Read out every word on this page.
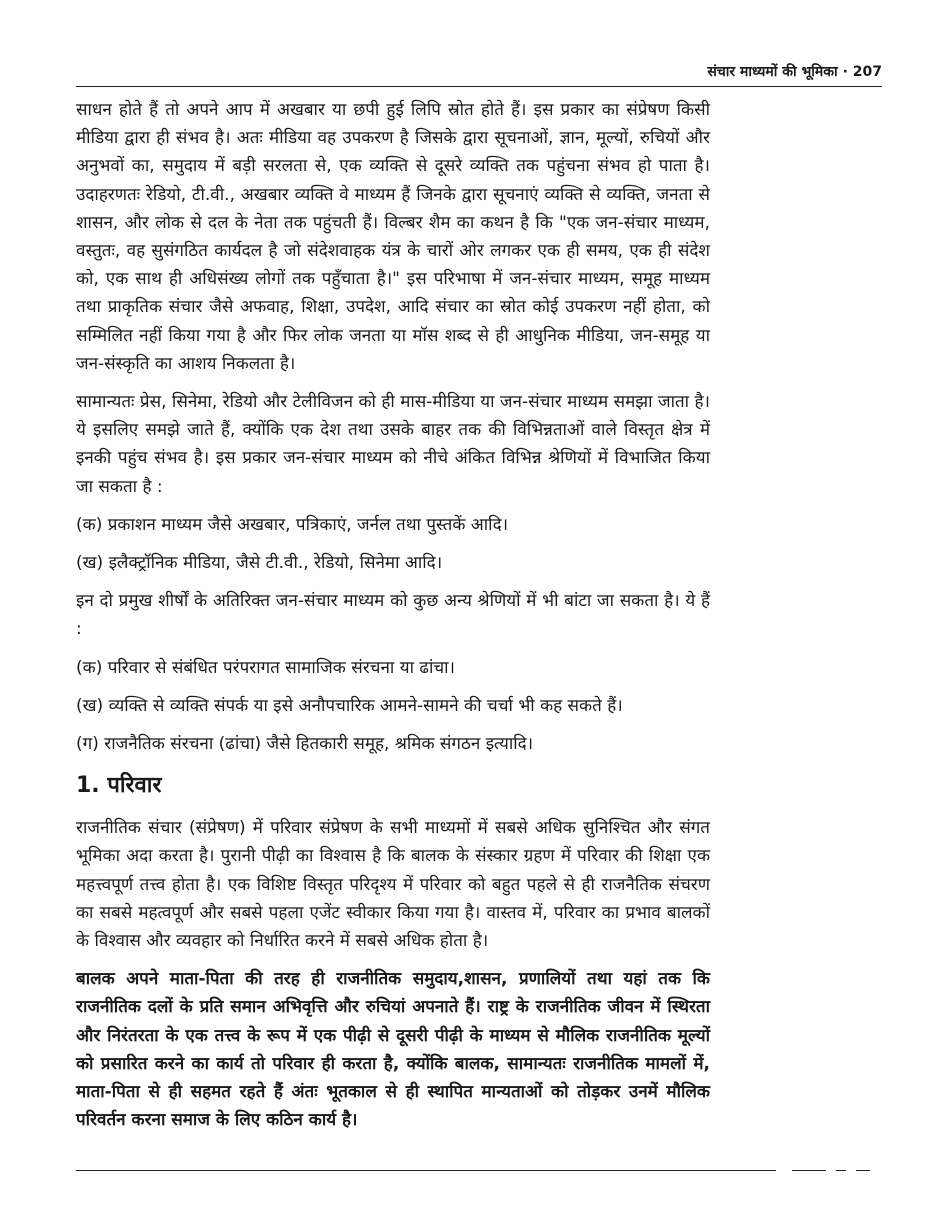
संचार माध्यमों की भूमिका · 207

साधन होते हैं तो अपने आप में अखबार या छपी हुई लिपि स्रोत होते हैं। इस प्रकार का संप्रेषण किसी मीडिया द्वारा ही संभव है। अतः मीडिया वह उपकरण है जिसके द्वारा सूचनाओं, ज्ञान, मूल्यों, रुचियों और अनुभवों का, समुदाय में बड़ी सरलता से, एक व्यक्ति से दूसरे व्यक्ति तक पहुंचना संभव हो पाता है। उदाहरणतः रेडियो, टी.वी., अखबार व्यक्ति वे माध्यम हैं जिनके द्वारा सूचनाएं व्यक्ति से व्यक्ति, जनता से शासन, और लोक से दल के नेता तक पहुंचती हैं। विल्बर शैम का कथन है कि "एक जन-संचार माध्यम, वस्तुतः, वह सुसंगठित कार्यदल है जो संदेशवाहक यंत्र के चारों ओर लगकर एक ही समय, एक ही संदेश को, एक साथ ही अधिसंख्य लोगों तक पहुँचाता है।" इस परिभाषा में जन-संचार माध्यम, समूह माध्यम तथा प्राकृतिक संचार जैसे अफवाह, शिक्षा, उपदेश, आदि संचार का स्रोत कोई उपकरण नहीं होता, को सम्मिलित नहीं किया गया है और फिर लोक जनता या मॉस शब्द से ही आधुनिक मीडिया, जन-समूह या जन-संस्कृति का आशय निकलता है।

सामान्यतः प्रेस, सिनेमा, रेडियो और टेलीविजन को ही मास-मीडिया या जन-संचार माध्यम समझा जाता है। ये इसलिए समझे जाते हैं, क्योंकि एक देश तथा उसके बाहर तक की विभिन्नताओं वाले विस्तृत क्षेत्र में इनकी पहुंच संभव है। इस प्रकार जन-संचार माध्यम को नीचे अंकित विभिन्न श्रेणियों में विभाजित किया जा सकता है :

(क) प्रकाशन माध्यम जैसे अखबार, पत्रिकाएं, जर्नल तथा पुस्तकें आदि।

(ख) इलैक्ट्रॉनिक मीडिया, जैसे टी.वी., रेडियो, सिनेमा आदि।

इन दो प्रमुख शीर्षों के अतिरिक्त जन-संचार माध्यम को कुछ अन्य श्रेणियों में भी बांटा जा सकता है। ये हैं :

(क) परिवार से संबंधित परंपरागत सामाजिक संरचना या ढांचा।

(ख) व्यक्ति से व्यक्ति संपर्क या इसे अनौपचारिक आमने-सामने की चर्चा भी कह सकते हैं।

(ग) राजनैतिक संरचना (ढांचा) जैसे हितकारी समूह, श्रमिक संगठन इत्यादि।

1. परिवार

राजनीतिक संचार (संप्रेषण) में परिवार संप्रेषण के सभी माध्यमों में सबसे अधिक सुनिश्चित और संगत भूमिका अदा करता है। पुरानी पीढ़ी का विश्वास है कि बालक के संस्कार ग्रहण में परिवार की शिक्षा एक महत्त्वपूर्ण तत्त्व होता है। एक विशिष्ट विस्तृत परिदृश्य में परिवार को बहुत पहले से ही राजनैतिक संचरण का सबसे महत्वपूर्ण और सबसे पहला एजेंट स्वीकार किया गया है। वास्तव में, परिवार का प्रभाव बालकों के विश्वास और व्यवहार को निर्धारित करने में सबसे अधिक होता है।

बालक अपने माता-पिता की तरह ही राजनीतिक समुदाय,शासन, प्रणालियों तथा यहां तक कि राजनीतिक दलों के प्रति समान अभिवृत्ति और रुचियां अपनाते हैं। राष्ट्र के राजनीतिक जीवन में स्थिरता और निरंतरता के एक तत्त्व के रूप में एक पीढ़ी से दूसरी पीढ़ी के माध्यम से मौलिक राजनीतिक मूल्यों को प्रसारित करने का कार्य तो परिवार ही करता है, क्योंकि बालक, सामान्यतः राजनीतिक मामलों में, माता-पिता से ही सहमत रहते हैं अंतः भूतकाल से ही स्थापित मान्यताओं को तोड़कर उनमें मौलिक परिवर्तन करना समाज के लिए कठिन कार्य है।
